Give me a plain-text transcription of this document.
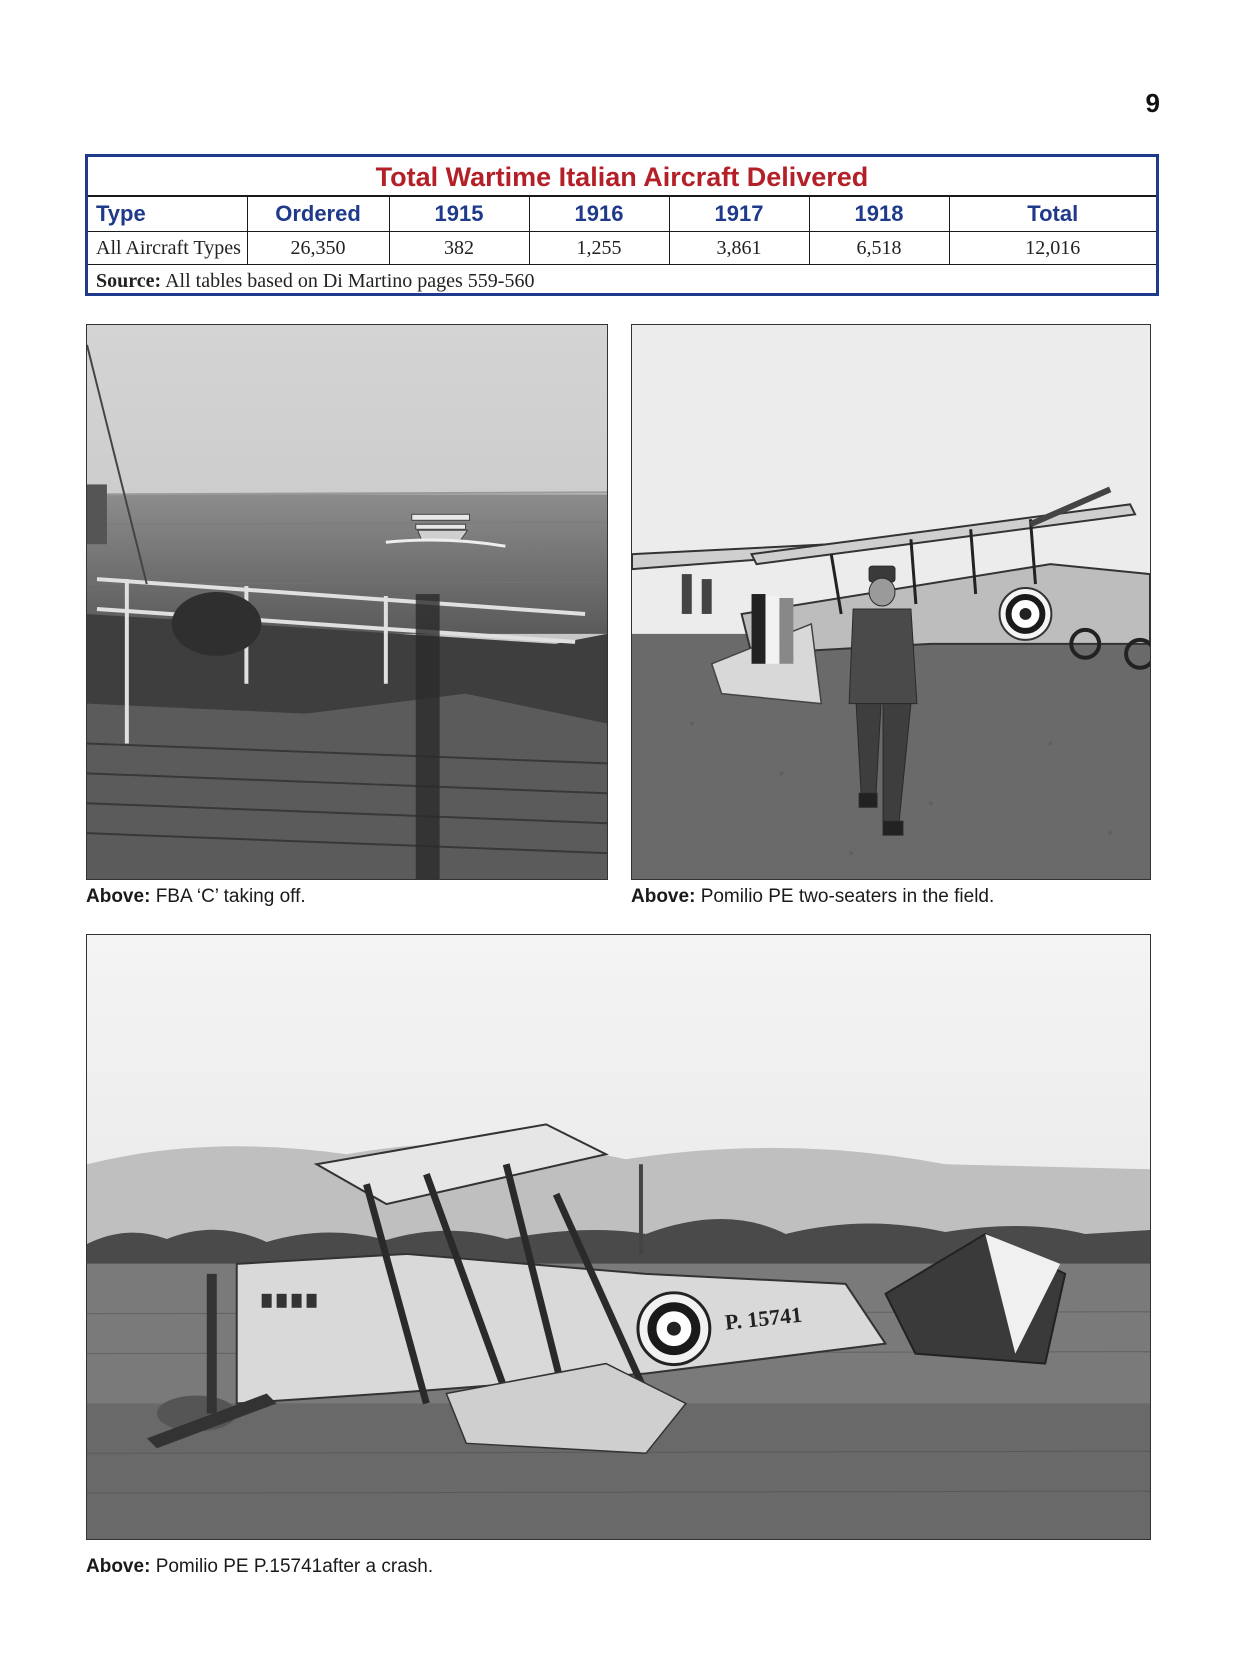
9
Total Wartime Italian Aircraft Delivered
Type	Ordered	1915	1916	1917	1918	Total
All Aircraft Types	26,350	382	1,255	3,861	6,518	12,016
Source: All tables based on Di Martino pages 559-560
Above: FBA ‘C’ taking off.	Above: Pomilio PE two-seaters in the field.
P. 15741
Above: Pomilio PE P.15741after a crash.
